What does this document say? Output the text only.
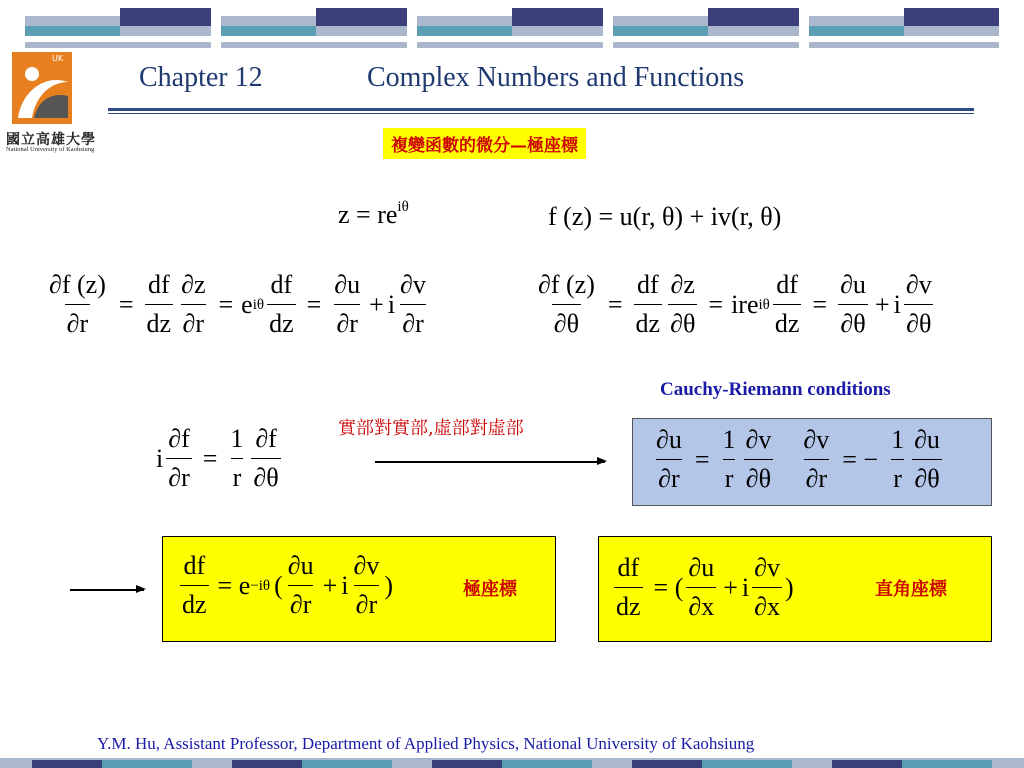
UK
國立高雄大學
National University of Kaohsiung
Chapter 12	Complex Numbers and Functions
複變函數的微分—極座標
$z = re^{i\theta}$	f (z) = u(r, θ) + iv(r, θ)
$\frac{\partial f (z)}{\partial r} = \frac{df}{dz} \frac{\partial z}{\partial r} = e$ iθ $\frac{df}{dz} = \frac{\partial u}{\partial r} + i \frac{\partial v}{\partial r}$	$\frac{\partial f (z)}{\partial\theta} = \frac{df}{dz} \frac{\partial z}{\partial\theta}$ = ire iθ $\frac{df}{dz} = \frac{\partial u}{\partial\theta} + i \frac{\partial v}{\partial\theta}$
Cauchy-Riemann conditions
實部對實部,虛部對虛部
i $\frac{\partial f}{\partial r} = \frac{1}{r} \frac{\partial f}{\partial\theta}$	$\frac{\partial u}{\partial r} = \frac{1}{r} \frac{\partial v}{\partial\theta} \frac{\partial v}{\partial r}$ = − $\frac{1}{r} \frac{\partial u}{\partial\theta}$
$\frac{df}{dz} = e -i\theta$ ( $\frac{\partial u}{\partial r} + i \frac{\partial v}{\partial r}$ )	極座標	$\frac{df}{dz}$ = ( $\frac{\partial u}{\partial x} + i \frac{\partial v}{\partial x}$ )	直角座標
Y.M. Hu, Assistant Professor, Department of Applied Physics, National University of Kaohsiung
